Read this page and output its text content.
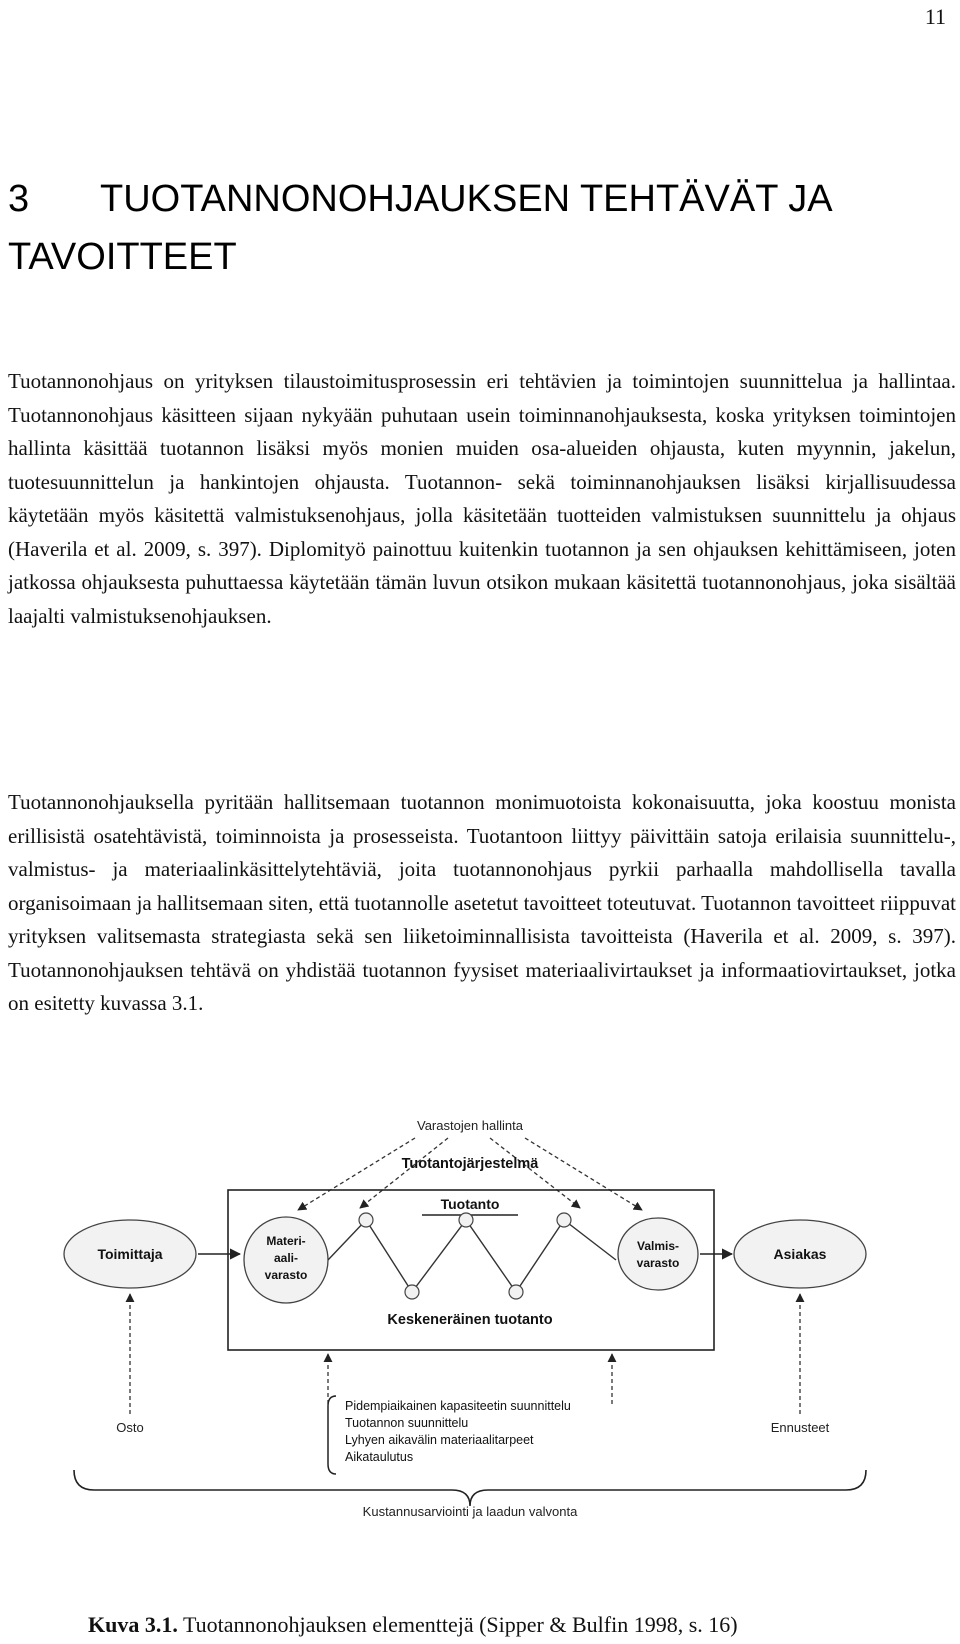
11
3 TUOTANNONOHJAUKSEN TEHTÄVÄT JA TAVOITTEET

Tuotannonohjaus on yrityksen tilaustoimitusprosessin eri tehtävien ja toimintojen suunnittelua ja hallintaa. Tuotannonohjaus käsitteen sijaan nykyään puhutaan usein toiminnanohjauksesta, koska yrityksen toimintojen hallinta käsittää tuotannon lisäksi myös monien muiden osa-alueiden ohjausta, kuten myynnin, jakelun, tuotesuunnittelun ja hankintojen ohjausta. Tuotannon- sekä toiminnanohjauksen lisäksi kirjallisuudessa käytetään myös käsitettä valmistuksenohjaus, jolla käsitetään tuotteiden valmistuksen suunnittelu ja ohjaus (Haverila et al. 2009, s. 397). Diplomityö painottuu kuitenkin tuotannon ja sen ohjauksen kehittämiseen, joten jatkossa ohjauksesta puhuttaessa käytetään tämän luvun otsikon mukaan käsitettä tuotannonohjaus, joka sisältää laajalti valmistuksenohjauksen.

Tuotannonohjauksella pyritään hallitsemaan tuotannon monimuotoista kokonaisuutta, joka koostuu monista erillisistä osatehtävistä, toiminnoista ja prosesseista. Tuotantoon liittyy päivittäin satoja erilaisia suunnittelu-, valmistus- ja materiaalinkäsittelytehtäviä, joita tuotannonohjaus pyrkii parhaalla mahdollisella tavalla organisoimaan ja hallitsemaan siten, että tuotannolle asetetut tavoitteet toteutuvat. Tuotannon tavoitteet riippuvat yrityksen valitsemasta strategiasta sekä sen liiketoiminnallisista tavoitteista (Haverila et al. 2009, s. 397). Tuotannonohjauksen tehtävä on yhdistää tuotannon fyysiset materiaalivirtaukset ja informaatiovirtaukset, jotka on esitetty kuvassa 3.1.

Varastojen hallinta
Tuotantojärjestelmä
Tuotanto
Toimittaja	Asiakas
Materi-
aali-
varasto
Valmis-
varasto
Keskeneräinen tuotanto
Osto	Ennusteet
Pidempiaikainen kapasiteetin suunnittelu
Tuotannon suunnittelu
Lyhyen aikavälin materiaalitarpeet
Aikataulutus
Kustannusarviointi ja laadun valvonta

Kuva 3.1. Tuotannonohjauksen elementtejä (Sipper & Bulfin 1998, s. 16)
